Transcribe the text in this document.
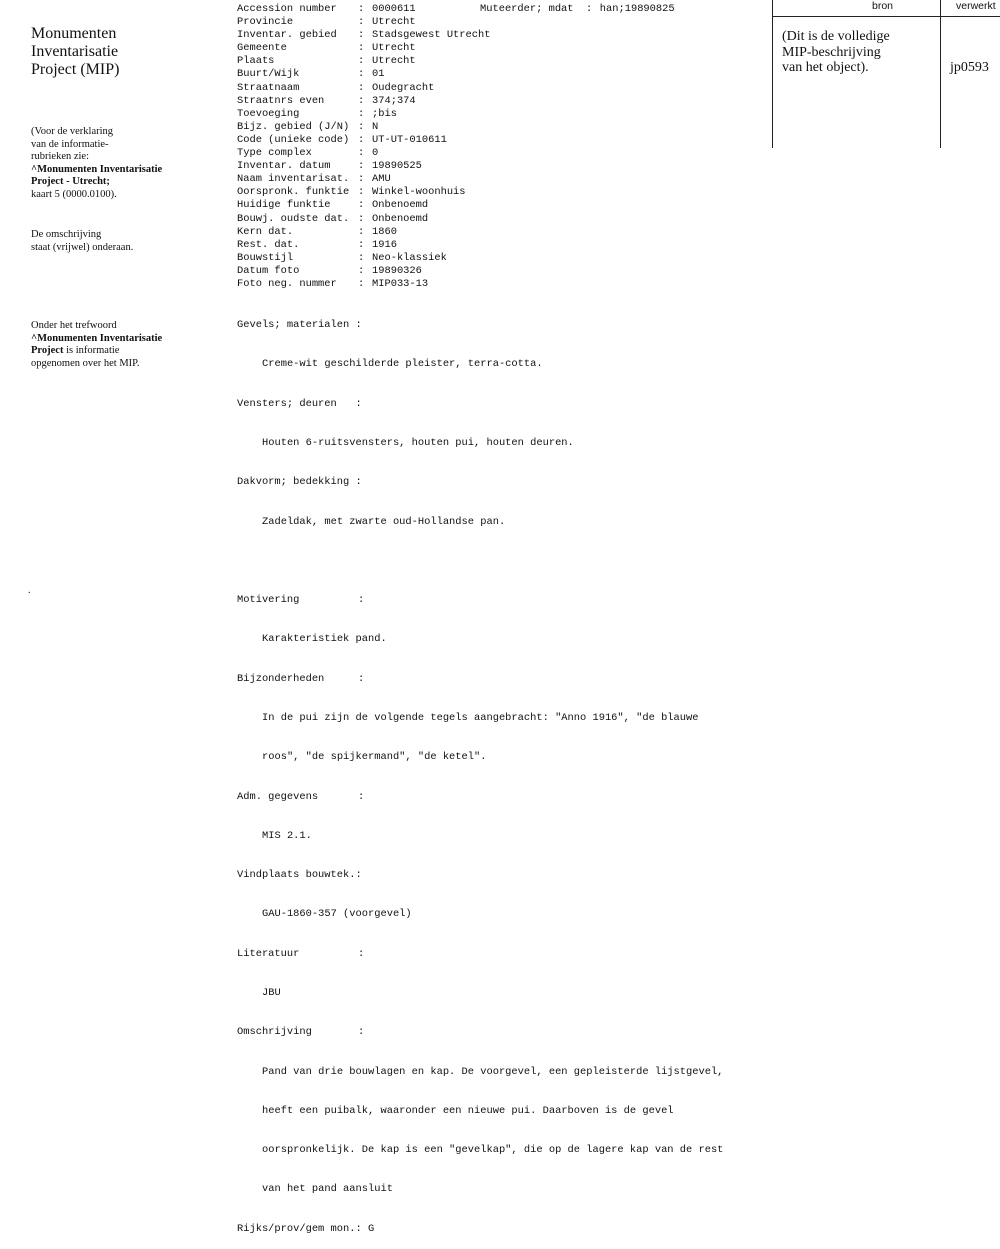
Monumenten
Inventarisatie
Project (MIP)
(Voor de verklaring
van de informatie-
rubrieken zie:
^Monumenten Inventarisatie
Project - Utrecht;
kaart 5 (0000.0100).
De omschrijving
staat (vrijwel) onderaan.
Onder het trefwoord
^Monumenten Inventarisatie
Project is informatie
opgenomen over het MIP.
.
Accession number	: 0000611
Provincie	: Utrecht
Inventar. gebied	: Stadsgewest Utrecht
Gemeente	: Utrecht
Plaats	: Utrecht
Buurt/Wijk	: 01
Straatnaam	: Oudegracht
Straatnrs even	: 374;374
Toevoeging	: ;bis
Bijz. gebied (J/N) : N
Code (unieke code) : UT-UT-010611
Type complex	: 0
Inventar. datum	: 19890525
Naam inventarisat. : AMU
Oorspronk. funktie : Winkel-woonhuis
Huidige funktie	: Onbenoemd
Bouwj. oudste dat. : Onbenoemd
Kern dat.	: 1860
Rest. dat.	: 1916
Bouwstijl	: Neo-klassiek
Datum foto	: 19890326
Foto neg. nummer	: MIP033-13
Muteerder; mdat  : han;19890825

Gevels; materialen :

Creme-wit geschilderde pleister, terra-cotta.

Vensters; deuren   :

Houten 6-ruitsvensters, houten pui, houten deuren.

Dakvorm; bedekking :

Zadeldak, met zwarte oud-Hollandse pan.

Motivering	:

Karakteristiek pand.

Bijzonderheden	:

In de pui zijn de volgende tegels aangebracht: "Anno 1916", "de blauwe

roos", "de spijkermand", "de ketel".

Adm. gegevens	:

MIS 2.1.

Vindplaats bouwtek.:

GAU-1860-357 (voorgevel)

Literatuur	:

JBU

Omschrijving	:

Pand van drie bouwlagen en kap. De voorgevel, een gepleisterde lijstgevel,

heeft een puibalk, waaronder een nieuwe pui. Daarboven is de gevel

oorspronkelijk. De kap is een "gevelkap", die op de lagere kap van de rest

van het pand aansluit

Rijks/prov/gem mon.: G

bron	verwerkt
(Dit is de volledige
MIP-beschrijving
van het object).	jp0593
